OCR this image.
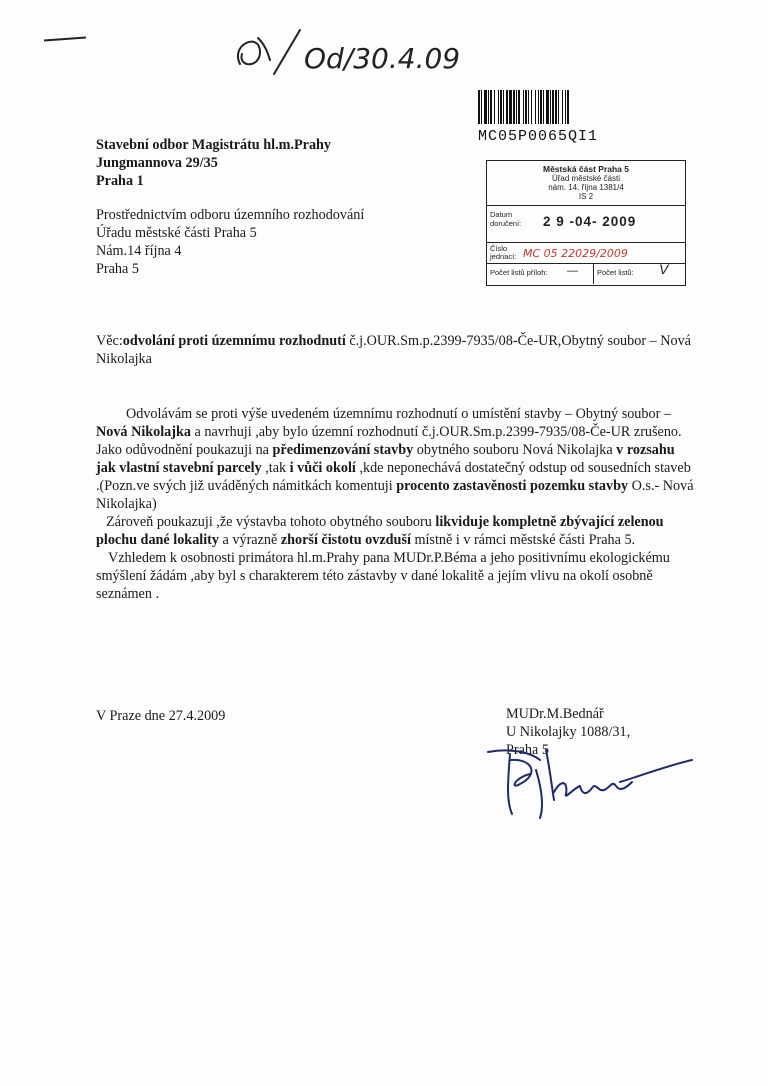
Od/30.4.09
MC05P0065QI1
Stavební odbor Magistrátu hl.m.Prahy
Jungmannova 29/35
Praha 1
Prostřednictvím odboru územního rozhodování
Úřadu městské části Praha 5
Nám.14 října 4
Praha 5
Městská část Praha 5
Úřad městské části
nám. 14. října 1381/4
IS 2
Datum
doručení: 2 9 -04- 2009
Číslo
jednací: MC 05 22029/2009
Počet listů příloh: —	Počet listů: V
Věc:odvolání proti územnímu rozhodnutí č.j.OUR.Sm.p.2399-7935/08-Če-UR,Obytný soubor – Nová Nikolajka

Odvolávám se proti výše uvedeném územnímu rozhodnutí o umístění stavby – Obytný soubor – Nová Nikolajka a navrhuji ,aby bylo územní rozhodnutí č.j.OUR.Sm.p.2399-7935/08-Če-UR zrušeno.

Jako odůvodnění poukazuji na předimenzování stavby obytného souboru Nová Nikolajka v rozsahu jak vlastní stavební parcely ,tak i vůči okolí ,kde neponechává dostatečný odstup od sousedních staveb .(Pozn.ve svých již uváděných námitkách komentuji procento zastavěnosti pozemku stavby O.s.- Nová Nikolajka)

Zároveň poukazuji ,že výstavba tohoto obytného souboru likviduje kompletně zbývající zelenou plochu dané lokality a výrazně zhorší čistotu ovzduší místně i v rámci městské části Praha 5.

Vzhledem k osobnosti primátora hl.m.Prahy pana MUDr.P.Béma a jeho positivnímu ekologickému smýšlení žádám ,aby byl s charakterem této zástavby v dané lokalitě a jejím vlivu na okolí osobně seznámen .

V Praze dne 27.4.2009	MUDr.M.Bednář
U Nikolajky 1088/31,
Praha 5
